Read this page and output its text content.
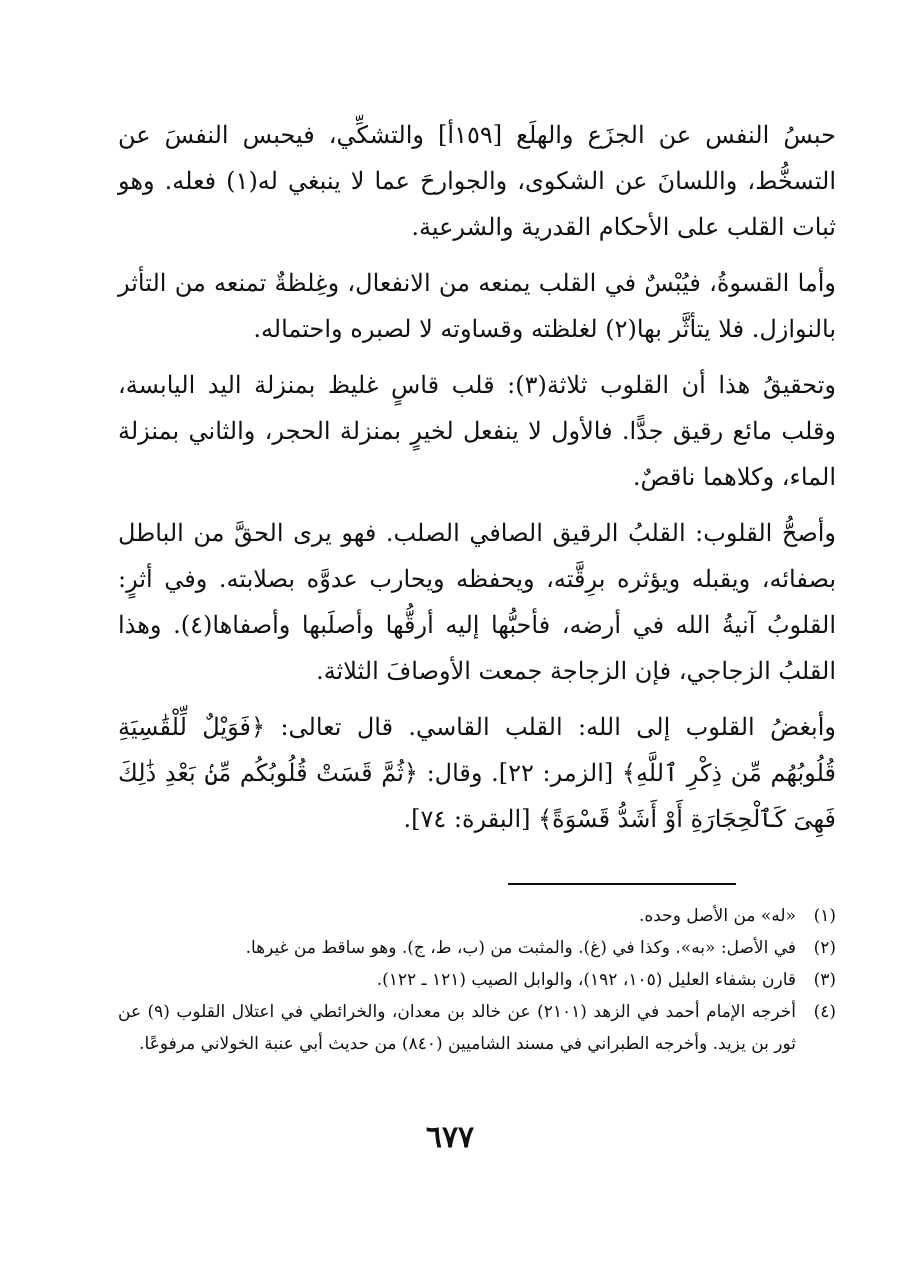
حبسُ النفس عن الجزَع والهلَع [١٥٩أ] والتشكِّي، فيحبس النفسَ عن التسخُّط، واللسانَ عن الشكوى، والجوارحَ عما لا ينبغي له(١) فعله. وهو ثبات القلب على الأحكام القدرية والشرعية.

وأما القسوةُ، فيُبْسٌ في القلب يمنعه من الانفعال، وغِلظةٌ تمنعه من التأثر بالنوازل. فلا يتأثَّر بها(٢) لغلظته وقساوته لا لصبره واحتماله.

وتحقيقُ هذا أن القلوب ثلاثة(٣): قلب قاسٍ غليظ بمنزلة اليد اليابسة، وقلب مائع رقيق جدًّا. فالأول لا ينفعل لخيرٍ بمنزلة الحجر، والثاني بمنزلة الماء، وكلاهما ناقصٌ.

وأصحُّ القلوب: القلبُ الرقيق الصافي الصلب. فهو يرى الحقَّ من الباطل بصفائه، ويقبله ويؤثره برِقَّته، ويحفظه ويحارب عدوَّه بصلابته. وفي أثرٍ: القلوبُ آنيةُ الله في أرضه، فأحبُّها إليه أرقُّها وأصلَبها وأصفاها(٤). وهذا القلبُ الزجاجي، فإن الزجاجة جمعت الأوصافَ الثلاثة.

وأبغضُ القلوب إلى الله: القلب القاسي. قال تعالى: ﴿فَوَيْلٌ لِّلْقَٰسِيَةِ قُلُوبُهُم مِّن ذِكْرِ ٱللَّهِ﴾ [الزمر: ٢٢]. وقال: ﴿ثُمَّ قَسَتْ قُلُوبُكُم مِّنۢ بَعْدِ ذَٰلِكَ فَهِىَ كَٱلْحِجَارَةِ أَوْ أَشَدُّ قَسْوَةً﴾ [البقرة: ٧٤].

(١)
«له» من الأصل وحده.
(٢)
في الأصل: «به». وكذا في (غ). والمثبت من (ب، ط، ج). وهو ساقط من غيرها.
(٣)
قارن بشفاء العليل (١٠٥، ١٩٢)، والوابل الصيب (١٢١ ـ ١٢٢).
(٤)
أخرجه الإمام أحمد في الزهد (٢١٠١) عن خالد بن معدان، والخرائطي في اعتلال القلوب (٩) عن ثور بن يزيد. وأخرجه الطبراني في مسند الشاميين (٨٤٠) من حديث أبي عنبة الخولاني مرفوعًا.
٦٧٧
